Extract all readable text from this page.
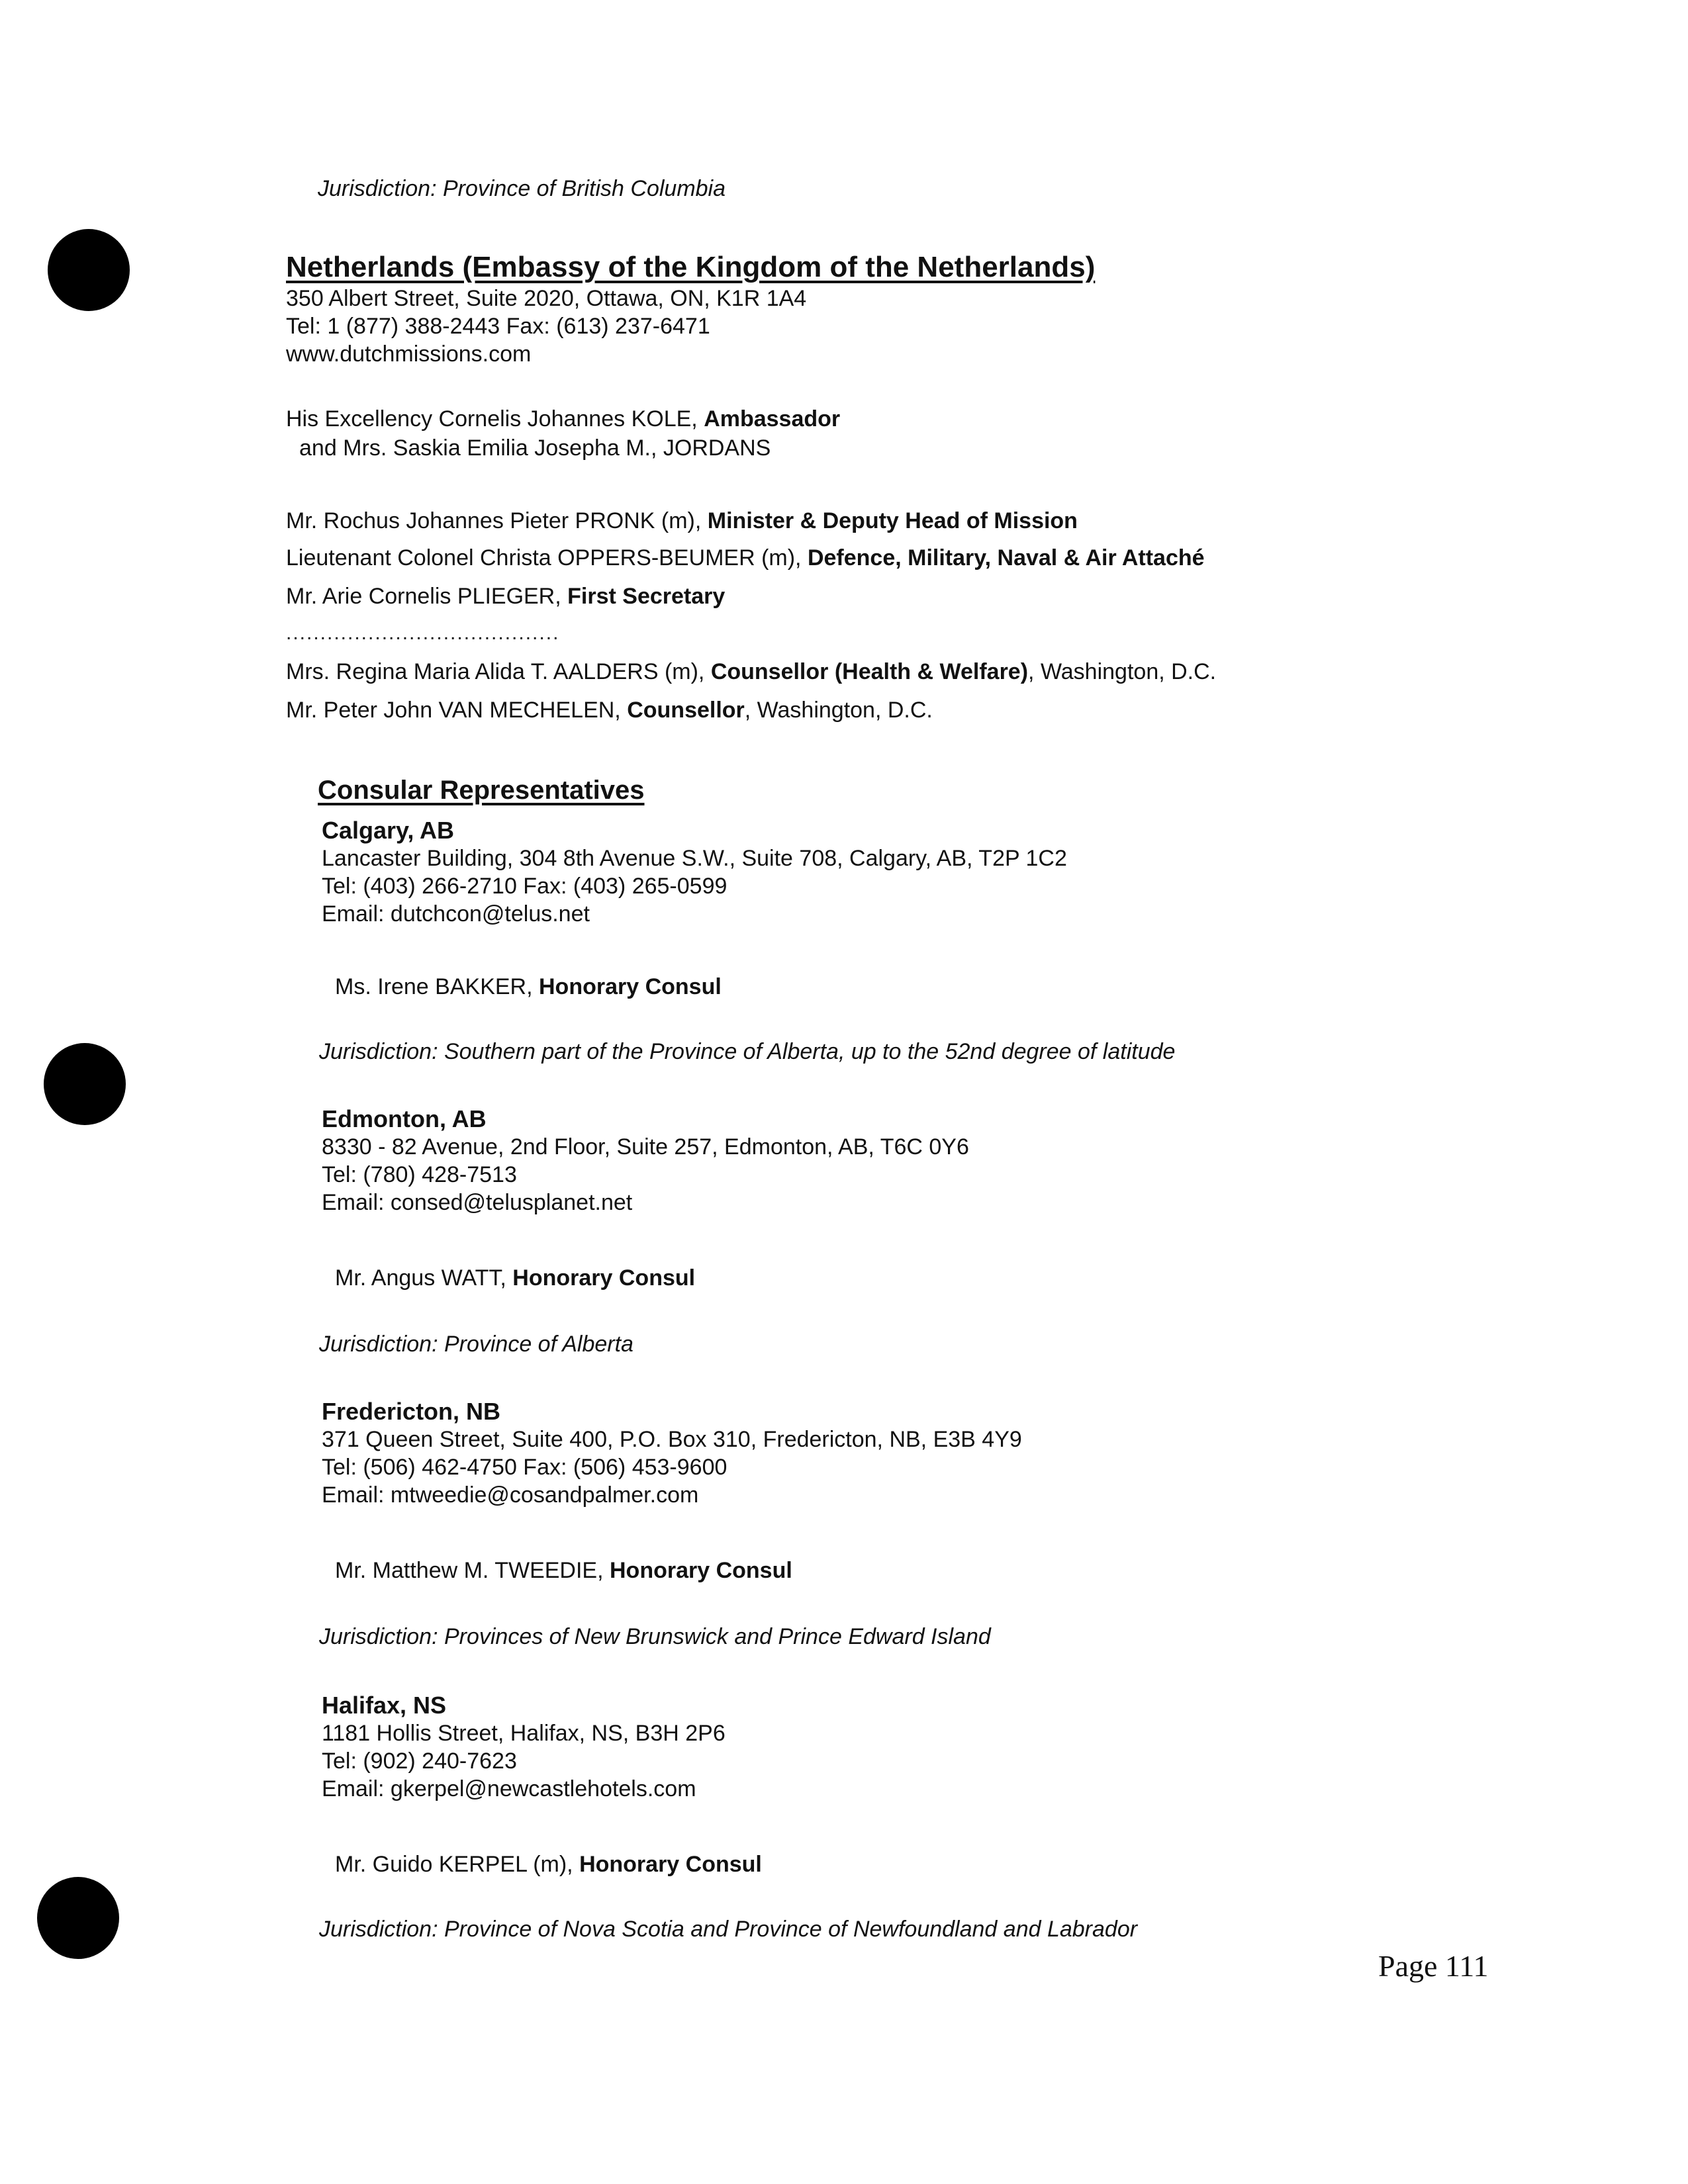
Jurisdiction: Province of British Columbia
Netherlands (Embassy of the Kingdom of the Netherlands)
350 Albert Street, Suite 2020, Ottawa, ON, K1R 1A4
Tel: 1 (877) 388-2443 Fax: (613) 237-6471
www.dutchmissions.com
His Excellency Cornelis Johannes KOLE, Ambassador
and Mrs. Saskia Emilia Josepha M., JORDANS
Mr. Rochus Johannes Pieter PRONK (m), Minister & Deputy Head of Mission
Lieutenant Colonel Christa OPPERS-BEUMER (m), Defence, Military, Naval & Air Attaché
Mr. Arie Cornelis PLIEGER, First Secretary
........................................
Mrs. Regina Maria Alida T. AALDERS (m), Counsellor (Health & Welfare), Washington, D.C.
Mr. Peter John VAN MECHELEN, Counsellor, Washington, D.C.
Consular Representatives
Calgary, AB
Lancaster Building, 304 8th Avenue S.W., Suite 708, Calgary, AB, T2P 1C2
Tel: (403) 266-2710 Fax: (403) 265-0599
Email: dutchcon@telus.net
Ms. Irene BAKKER, Honorary Consul
Jurisdiction: Southern part of the Province of Alberta, up to the 52nd degree of latitude
Edmonton, AB
8330 - 82 Avenue, 2nd Floor, Suite 257, Edmonton, AB, T6C 0Y6
Tel: (780) 428-7513
Email: consed@telusplanet.net
Mr. Angus WATT, Honorary Consul
Jurisdiction: Province of Alberta
Fredericton, NB
371 Queen Street, Suite 400, P.O. Box 310, Fredericton, NB, E3B 4Y9
Tel: (506) 462-4750 Fax: (506) 453-9600
Email: mtweedie@cosandpalmer.com
Mr. Matthew M. TWEEDIE, Honorary Consul
Jurisdiction: Provinces of New Brunswick and Prince Edward Island
Halifax, NS
1181 Hollis Street, Halifax, NS, B3H 2P6
Tel: (902) 240-7623
Email: gkerpel@newcastlehotels.com
Mr. Guido KERPEL (m), Honorary Consul
Jurisdiction: Province of Nova Scotia and Province of Newfoundland and Labrador
Page 111
